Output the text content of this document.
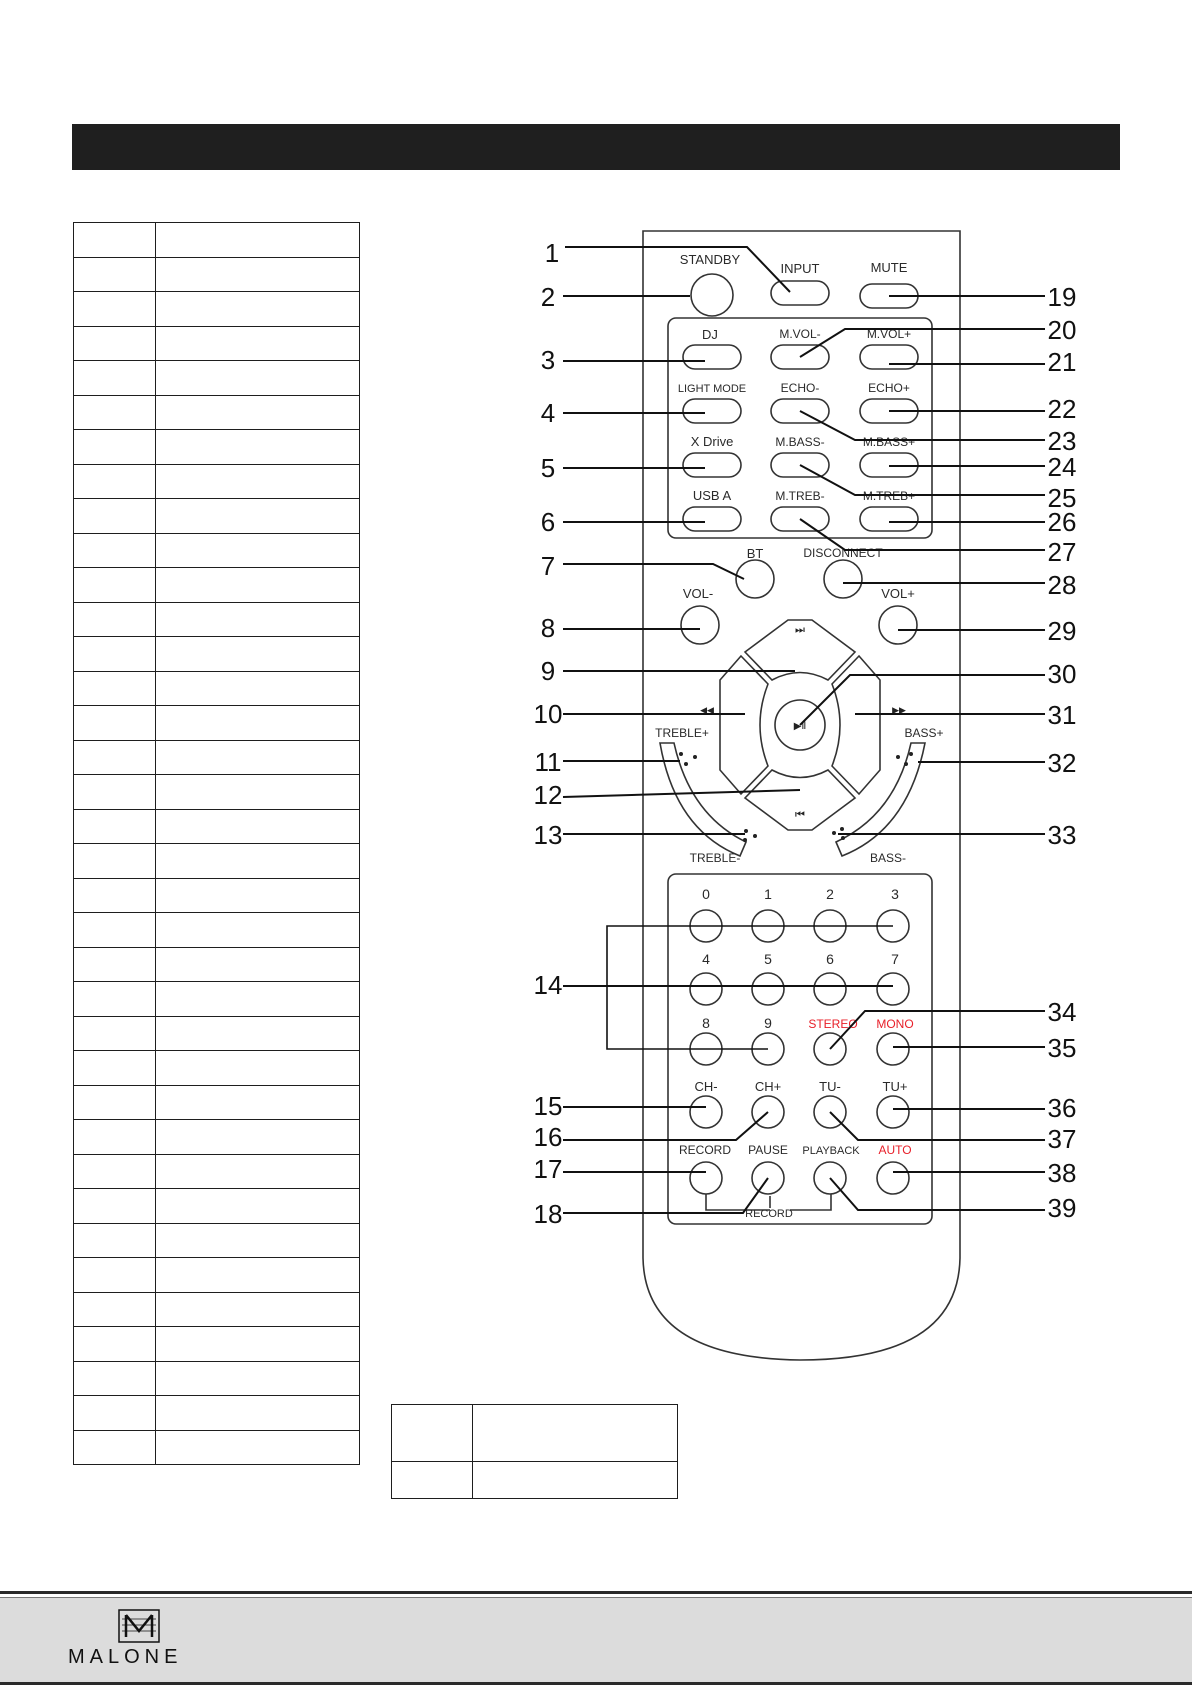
STANDBY
INPUT	MUTE
DJ	M.VOL-	M.VOL+
LIGHT MODE	ECHO-	ECHO+
X Drive	M.BASS-	M.BASS+
USB A	M.TREB-	M.TREB+
BT	DISCONNECT
VOL-	VOL+
TREBLE+	BASS+
TREBLE-	BASS-
0	1	2	3
4	5	6	7
8	9	STEREO MONO
CH-	CH+	TU-	TU+
RECORD PAUSE PLAYBACK AUTO
RECORD
▶Ⅱ
⏭
⏮
◀◀	▶▶
1
2
3
4
5
6
7
8
9
10
11
12
13
14
15
16
17
18
19
20
21
22
23
24
25
26
27
28
29
30
31
32
33
34
35
36
37
38
39
MALONE
